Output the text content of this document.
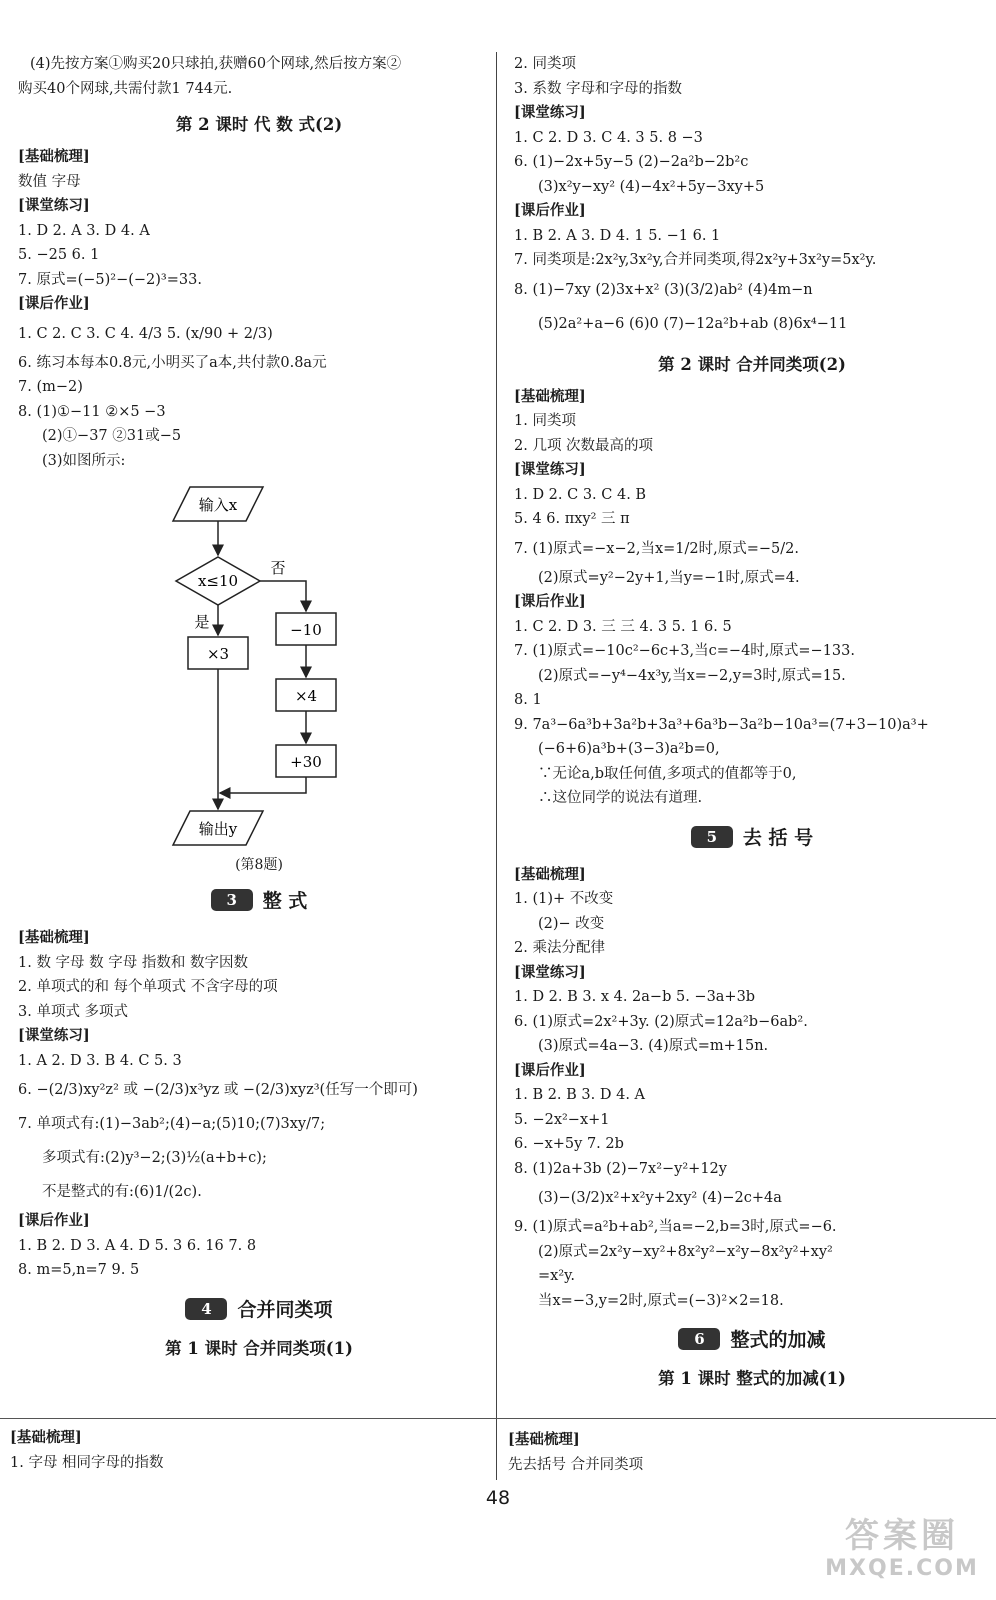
(4)先按方案①购买20只球拍,获赠60个网球,然后按方案②
购买40个网球,共需付款1 744元.
第 2 课时 代 数 式(2)
[ 基础梳理 ]
数值 字母
[ 课堂练习 ]
1. D 2. A 3. D 4. A
5. −25 6. 1
7. 原式=(−5)²−(−2)³=33.
[ 课后作业 ]
1. C 2. C 3. C 4. 4/3 5. (x/90 + 2/3)
6. 练习本每本0.8元,小明买了a本,共付款0.8a元
7. (m−2)
8. (1)①−11 ②×5 −3
(2)①−37 ②31或−5
(3)如图所示:
输入x
x≤10
否
是
×3
−10
×4
+30
输出y
(第8题)
3 整 式
[ 基础梳理 ]
1. 数 字母 数 字母 指数和 数字因数
2. 单项式的和 每个单项式 不含字母的项
3. 单项式 多项式
[ 课堂练习 ]
1. A 2. D 3. B 4. C 5. 3
6. −(2/3)xy²z² 或 −(2/3)x³yz 或 −(2/3)xyz³(任写一个即可)
7. 单项式有:(1)−3ab²;(4)−a;(5)10;(7)3xy/7;
多项式有:(2)y³−2;(3)½(a+b+c);
不是整式的有:(6)1/(2c).
[ 课后作业 ]
1. B 2. D 3. A 4. D 5. 3 6. 16 7. 8
8. m=5,n=7 9. 5
4 合并同类项
第 1 课时 合并同类项(1)
[ 基础梳理 ]
1. 字母 相同字母的指数
2. 同类项
3. 系数 字母和字母的指数
[ 课堂练习 ]
1. C 2. D 3. C 4. 3 5. 8 −3
6. (1)−2x+5y−5 (2)−2a²b−2b²c
(3)x²y−xy² (4)−4x²+5y−3xy+5
[ 课后作业 ]
1. B 2. A 3. D 4. 1 5. −1 6. 1
7. 同类项是:2x²y,3x²y,合并同类项,得2x²y+3x²y=5x²y.
8. (1)−7xy (2)3x+x² (3)(3/2)ab² (4)4m−n
(5)2a²+a−6 (6)0 (7)−12a²b+ab (8)6x⁴−11
第 2 课时 合并同类项(2)
[ 基础梳理 ]
1. 同类项
2. 几项 次数最高的项
[ 课堂练习 ]
1. D 2. C 3. C 4. B
5. 4 6. πxy² 三 π
7. (1)原式=−x−2,当x=1/2时,原式=−5/2.
(2)原式=y²−2y+1,当y=−1时,原式=4.
[ 课后作业 ]
1. C 2. D 3. 三 三 4. 3 5. 1 6. 5
7. (1)原式=−10c²−6c+3,当c=−4时,原式=−133.
(2)原式=−y⁴−4x³y,当x=−2,y=3时,原式=15.
8. 1
9. 7a³−6a³b+3a²b+3a³+6a³b−3a²b−10a³=(7+3−10)a³+
(−6+6)a³b+(3−3)a²b=0,
∵无论a,b取任何值,多项式的值都等于0,
∴这位同学的说法有道理.
5 去 括 号
[ 基础梳理 ]
1. (1)+ 不改变
(2)− 改变
2. 乘法分配律
[ 课堂练习 ]
1. D 2. B 3. x 4. 2a−b 5. −3a+3b
6. (1)原式=2x²+3y. (2)原式=12a²b−6ab².
(3)原式=4a−3. (4)原式=m+15n.
[ 课后作业 ]
1. B 2. B 3. D 4. A
5. −2x²−x+1
6. −x+5y 7. 2b
8. (1)2a+3b (2)−7x²−y²+12y
(3)−(3/2)x²+x²y+2xy² (4)−2c+4a
9. (1)原式=a²b+ab²,当a=−2,b=3时,原式=−6.
(2)原式=2x²y−xy²+8x²y²−x²y−8x²y²+xy²
=x²y.
当x=−3,y=2时,原式=(−3)²×2=18.
6 整式的加减
第 1 课时 整式的加减(1)
[ 基础梳理 ]
先去括号 合并同类项
48
答案圈
MXQE.COM
